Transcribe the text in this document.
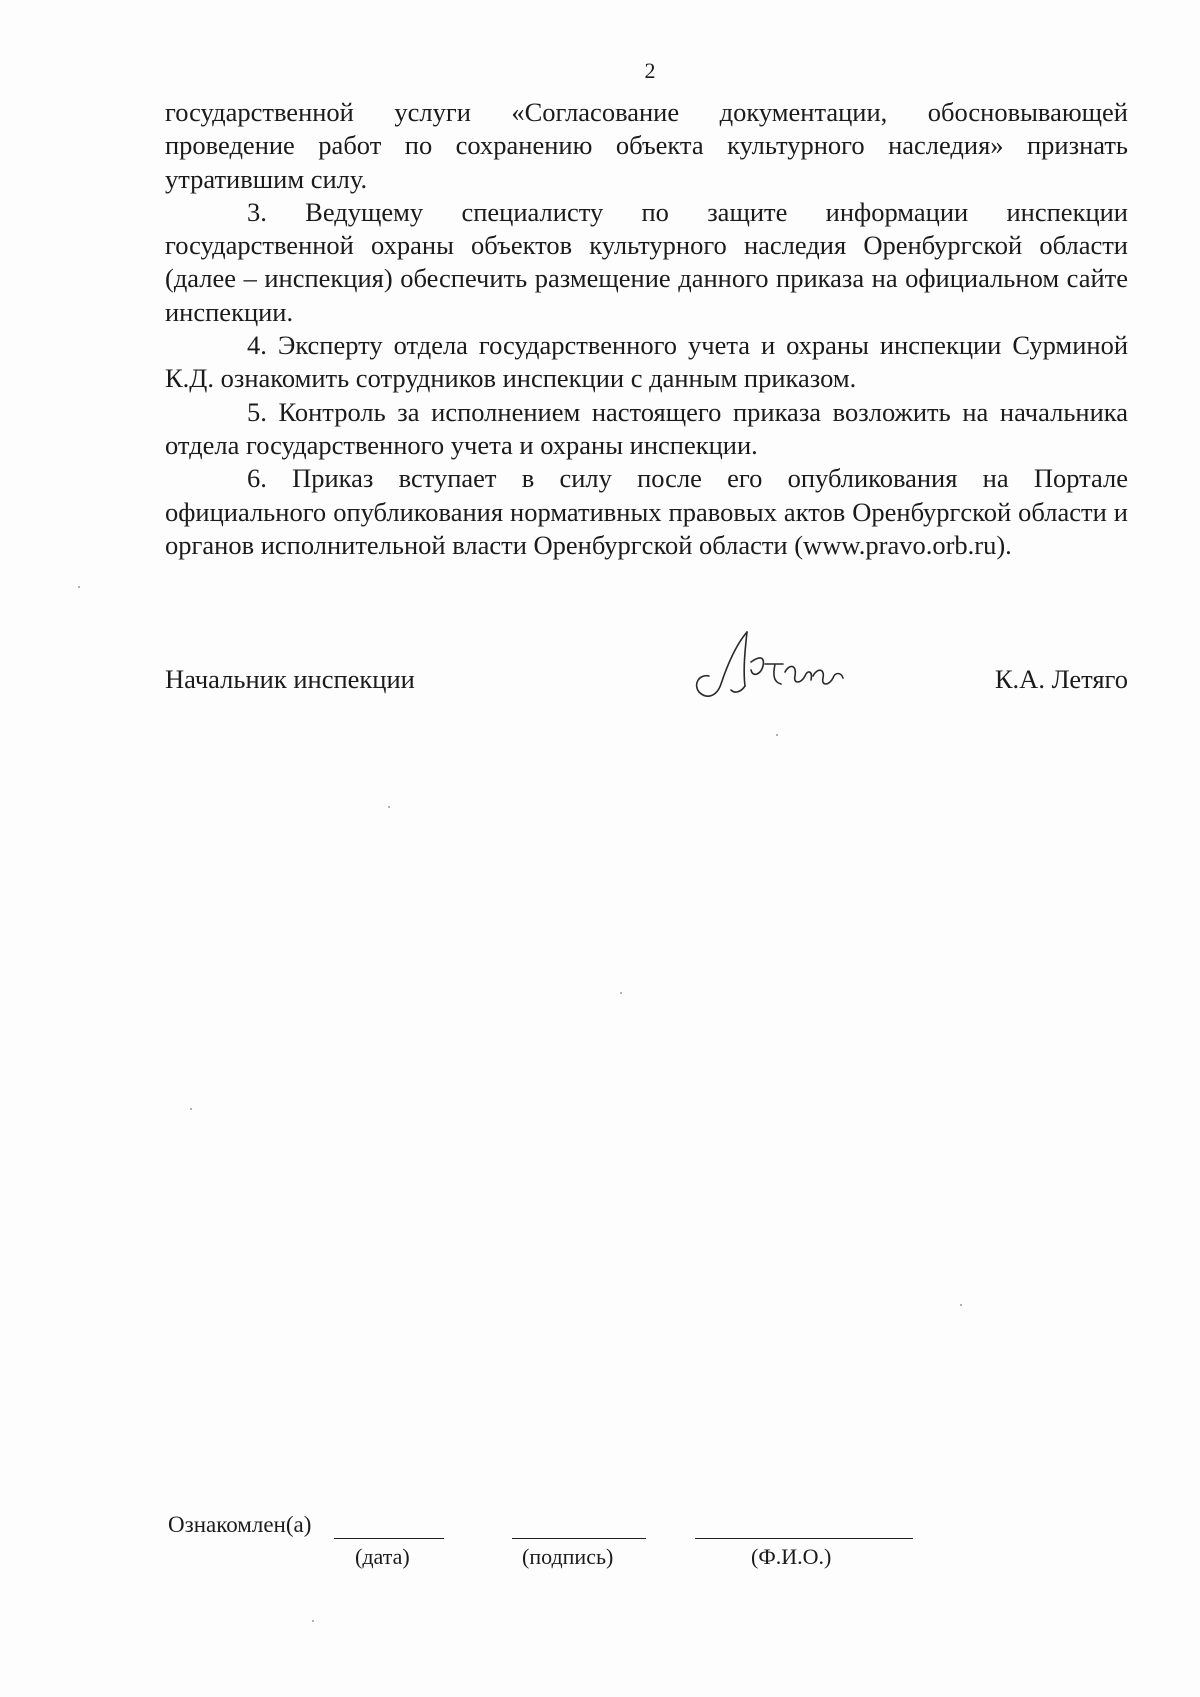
2

государственной услуги «Согласование документации, обосновывающей проведение работ по сохранению объекта культурного наследия» признать утратившим силу.

3. Ведущему специалисту по защите информации инспекции государственной охраны объектов культурного наследия Оренбургской области (далее – инспекция) обеспечить размещение данного приказа на официальном сайте инспекции.

4. Эксперту отдела государственного учета и охраны инспекции Сурминой К.Д. ознакомить сотрудников инспекции с данным приказом.

5. Контроль за исполнением настоящего приказа возложить на начальника отдела государственного учета и охраны инспекции.

6. Приказ вступает в силу после его опубликования на Портале официального опубликования нормативных правовых актов Оренбургской области и органов исполнительной власти Оренбургской области (www.pravo.orb.ru).

Начальник инспекции	К.А. Летяго
Ознакомлен(а)
(дата)	(подпись)	(Ф.И.О.)
